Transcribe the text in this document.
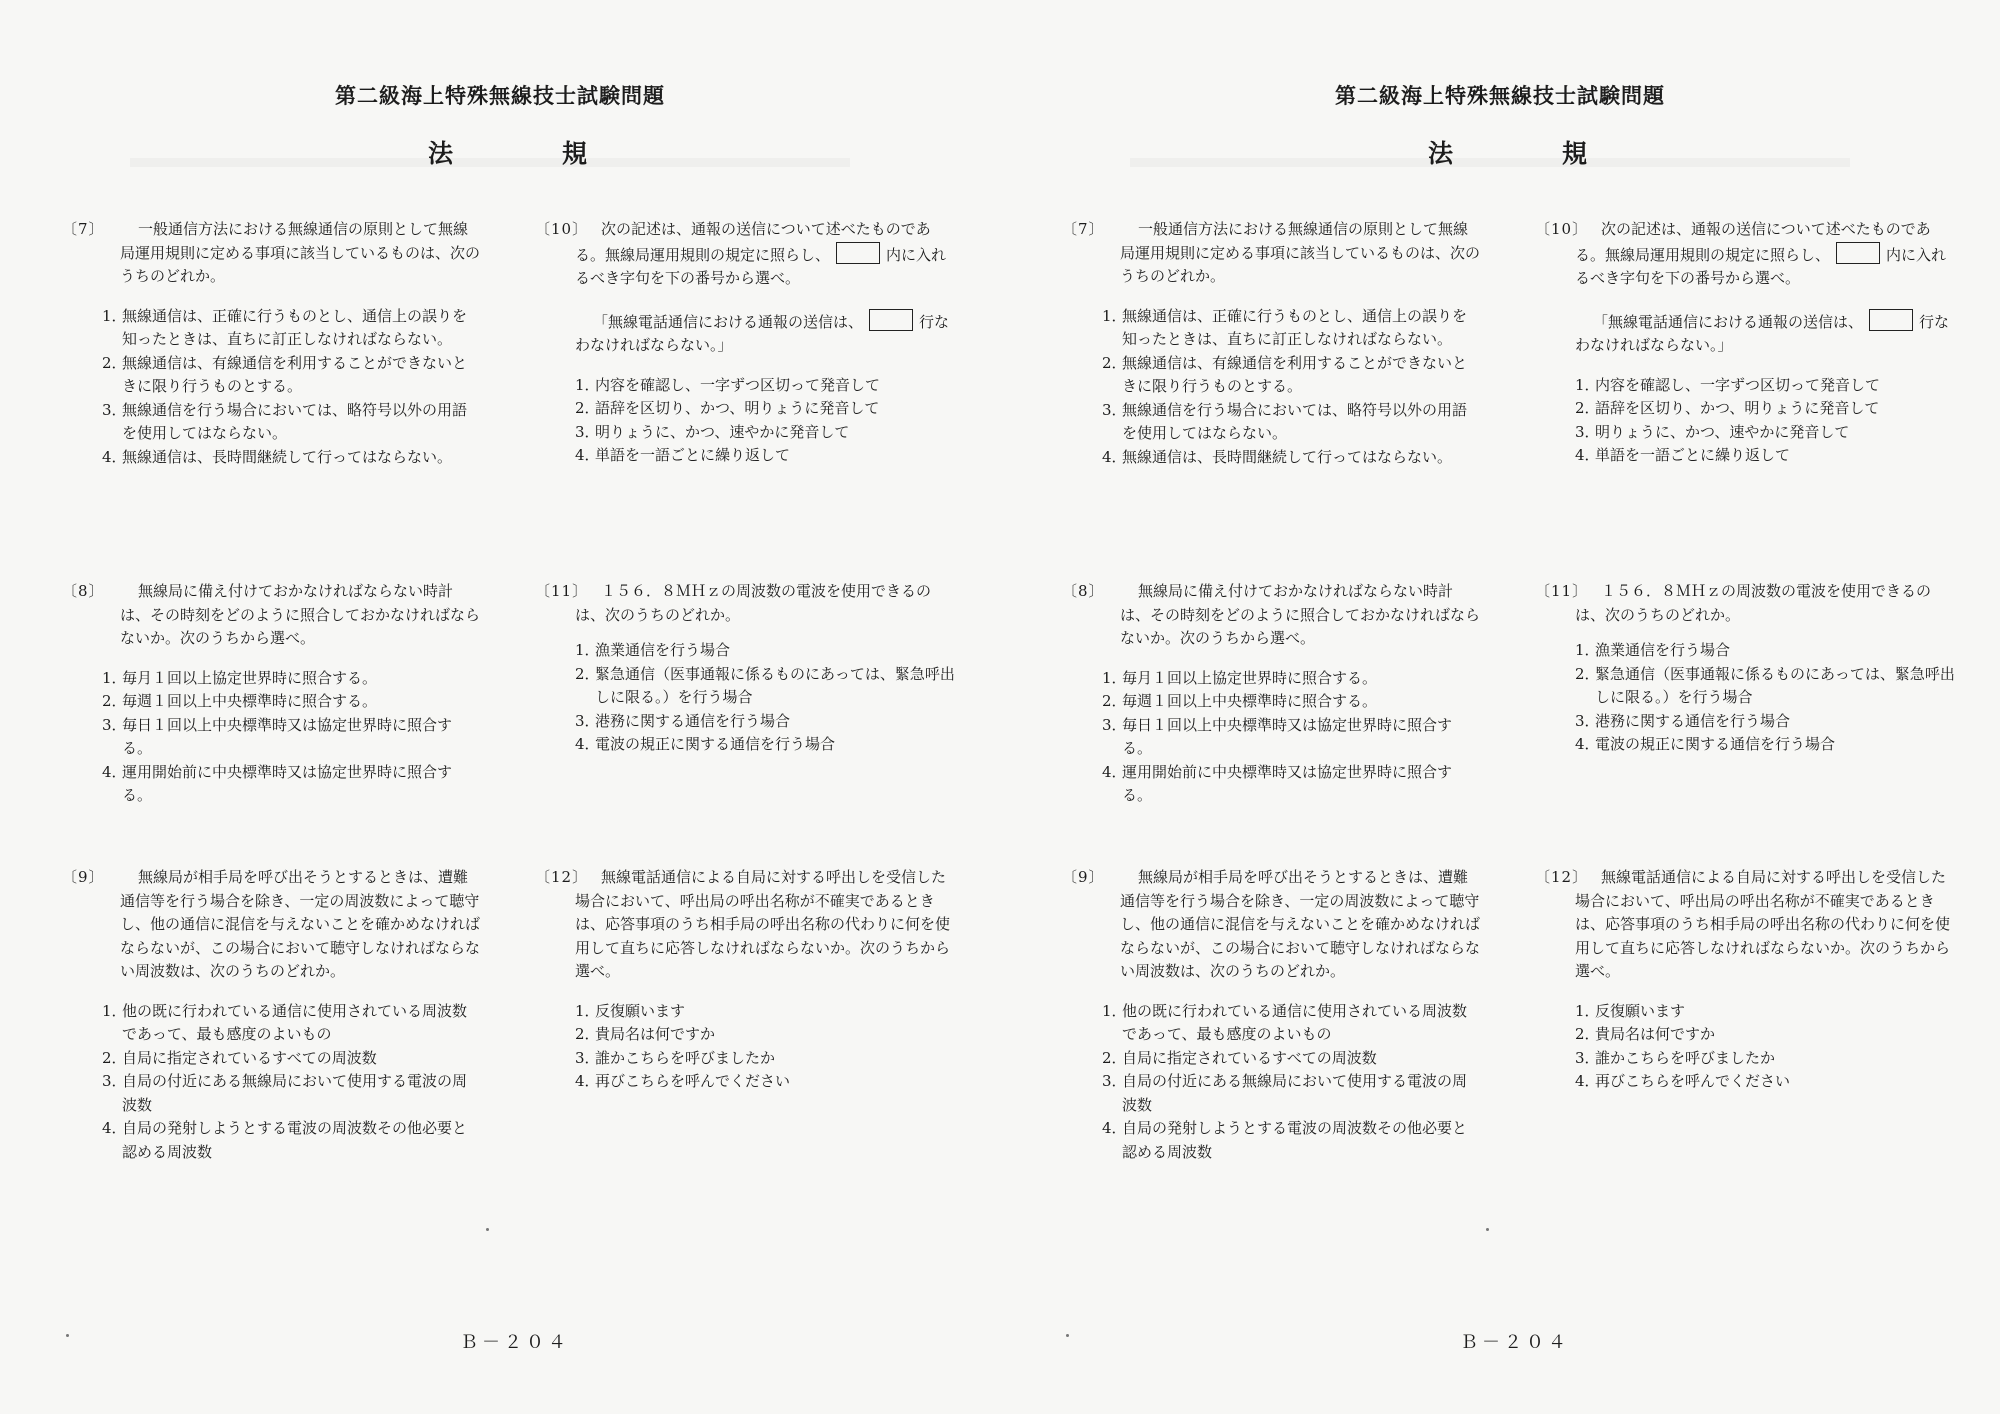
第二級海上特殊無線技士試験問題
法	規
〔7〕	一般通信方法における無線通信の原則として無線局運用規則に定める事項に該当しているものは、次のうちのどれか。
1．
無線通信は、正確に行うものとし、通信上の誤りを知ったときは、直ちに訂正しなければならない。
2．
無線通信は、有線通信を利用することができないときに限り行うものとする。
3．
無線通信を行う場合においては、略符号以外の用語を使用してはならない。
4．
無線通信は、長時間継続して行ってはならない。
〔8〕	無線局に備え付けておかなければならない時計は、その時刻をどのように照合しておかなければならないか。次のうちから選べ。
1．
毎月１回以上協定世界時に照合する。
2．
毎週１回以上中央標準時に照合する。
3．
毎日１回以上中央標準時又は協定世界時に照合する。
4．
運用開始前に中央標準時又は協定世界時に照合する。
〔9〕	無線局が相手局を呼び出そうとするときは、遭難通信等を行う場合を除き、一定の周波数によって聴守し、他の通信に混信を与えないことを確かめなければならないが、この場合において聴守しなければならない周波数は、次のうちのどれか。
1．
他の既に行われている通信に使用されている周波数であって、最も感度のよいもの
2．
自局に指定されているすべての周波数
3．
自局の付近にある無線局において使用する電波の周波数
4．
自局の発射しようとする電波の周波数その他必要と認める周波数
〔10〕 次の記述は、通報の送信について述べたものである。無線局運用規則の規定に照らし、	内に入れるべき字句を下の番号から選べ。
「無線電話通信における通報の送信は、	行なわなければならない。」
1．
内容を確認し、一字ずつ区切って発音して
2．
語辞を区切り、かつ、明りょうに発音して
3．
明りょうに、かつ、速やかに発音して
4．
単語を一語ごとに繰り返して
〔11〕 １５６．８ＭＨｚの周波数の電波を使用できるのは、次のうちのどれか。
1．
漁業通信を行う場合
2．
緊急通信（医事通報に係るものにあっては、緊急呼出しに限る。）を行う場合
3．
港務に関する通信を行う場合
4．
電波の規正に関する通信を行う場合
〔12〕 無線電話通信による自局に対する呼出しを受信した場合において、呼出局の呼出名称が不確実であるときは、応答事項のうち相手局の呼出名称の代わりに何を使用して直ちに応答しなければならないか。次のうちから選べ。
1．
反復願います
2．
貴局名は何ですか
3．
誰かこちらを呼びましたか
4．
再びこちらを呼んでください
Ｂ－２０４
第二級海上特殊無線技士試験問題
法	規
〔7〕	一般通信方法における無線通信の原則として無線局運用規則に定める事項に該当しているものは、次のうちのどれか。
1．
無線通信は、正確に行うものとし、通信上の誤りを知ったときは、直ちに訂正しなければならない。
2．
無線通信は、有線通信を利用することができないときに限り行うものとする。
3．
無線通信を行う場合においては、略符号以外の用語を使用してはならない。
4．
無線通信は、長時間継続して行ってはならない。
〔8〕	無線局に備え付けておかなければならない時計は、その時刻をどのように照合しておかなければならないか。次のうちから選べ。
1．
毎月１回以上協定世界時に照合する。
2．
毎週１回以上中央標準時に照合する。
3．
毎日１回以上中央標準時又は協定世界時に照合する。
4．
運用開始前に中央標準時又は協定世界時に照合する。
〔9〕	無線局が相手局を呼び出そうとするときは、遭難通信等を行う場合を除き、一定の周波数によって聴守し、他の通信に混信を与えないことを確かめなければならないが、この場合において聴守しなければならない周波数は、次のうちのどれか。
1．
他の既に行われている通信に使用されている周波数であって、最も感度のよいもの
2．
自局に指定されているすべての周波数
3．
自局の付近にある無線局において使用する電波の周波数
4．
自局の発射しようとする電波の周波数その他必要と認める周波数
〔10〕 次の記述は、通報の送信について述べたものである。無線局運用規則の規定に照らし、	内に入れるべき字句を下の番号から選べ。
「無線電話通信における通報の送信は、	行なわなければならない。」
1．
内容を確認し、一字ずつ区切って発音して
2．
語辞を区切り、かつ、明りょうに発音して
3．
明りょうに、かつ、速やかに発音して
4．
単語を一語ごとに繰り返して
〔11〕 １５６．８ＭＨｚの周波数の電波を使用できるのは、次のうちのどれか。
1．
漁業通信を行う場合
2．
緊急通信（医事通報に係るものにあっては、緊急呼出しに限る。）を行う場合
3．
港務に関する通信を行う場合
4．
電波の規正に関する通信を行う場合
〔12〕 無線電話通信による自局に対する呼出しを受信した場合において、呼出局の呼出名称が不確実であるときは、応答事項のうち相手局の呼出名称の代わりに何を使用して直ちに応答しなければならないか。次のうちから選べ。
1．
反復願います
2．
貴局名は何ですか
3．
誰かこちらを呼びましたか
4．
再びこちらを呼んでください
Ｂ－２０４
